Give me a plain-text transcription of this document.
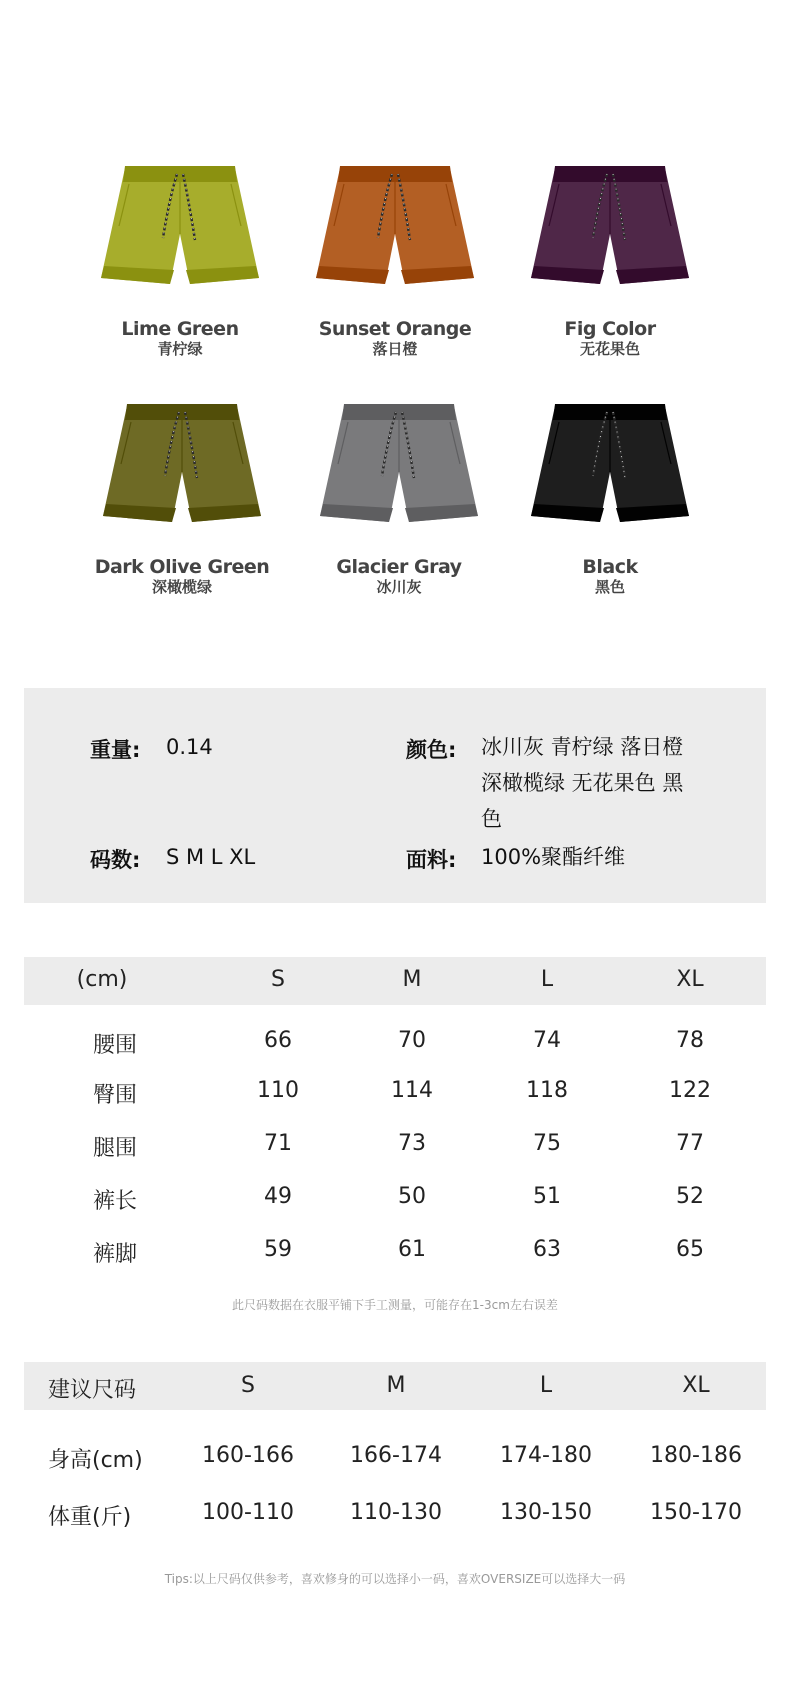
Lime Green
青柠绿
Sunset Orange
落日橙
Fig Color
无花果色
Dark Olive Green
深橄榄绿
Glacier Gray
冰川灰
Black
黑色
重量: 0.14	颜色: 冰川灰 青柠绿 落日橙
深橄榄绿 无花果色 黑
色
码数: S M L XL	面料: 100%聚酯纤维
(cm)	S	M	L	XL
腰围	66	70	74	78
臀围	110	114	118	122
腿围	71	73	75	77
裤长	49	50	51	52
裤脚	59	61	63	65
此尺码数据在衣服平铺下手工测量，可能存在1-3cm左右误差
建议尺码	S	M	L	XL
身高(cm)	160-166	166-174	174-180	180-186
体重(斤)	100-110	110-130	130-150	150-170
Tips:以上尺码仅供参考，喜欢修身的可以选择小一码，喜欢OVERSIZE可以选择大一码
